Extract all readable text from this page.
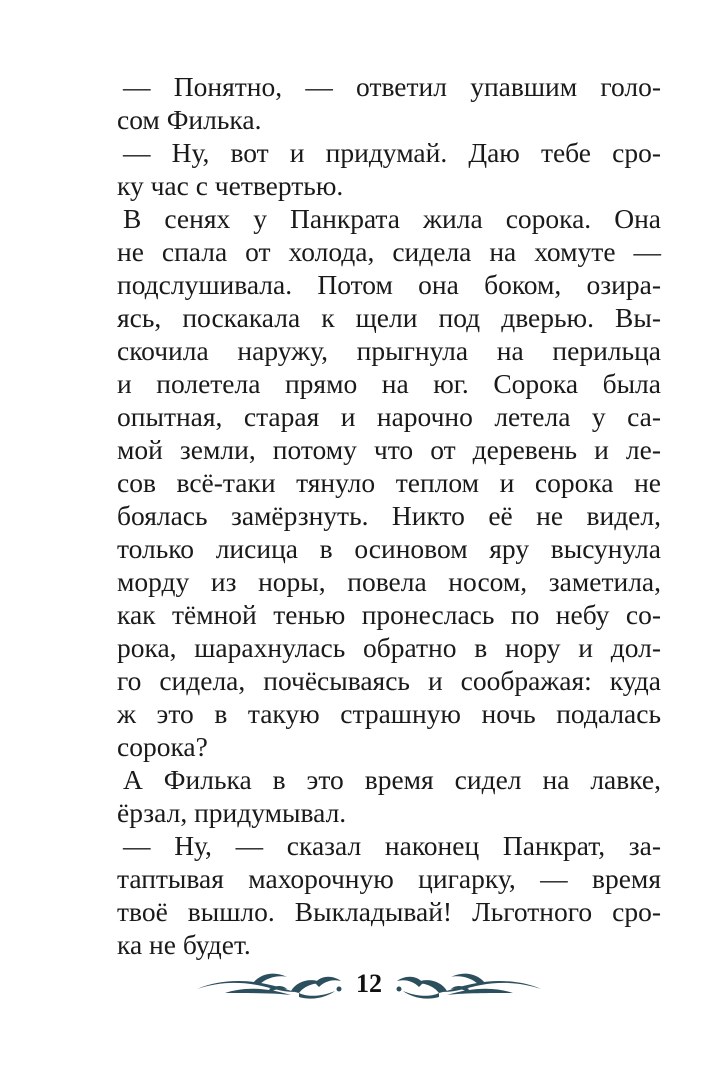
— Понятно, — ответил упавшим голо-
сом Филька.
— Ну, вот и придумай. Даю тебе сро-
ку час с четвертью.
В сенях у Панкрата жила сорока. Она
не спала от холода, сидела на хомуте —
подслушивала. Потом она боком, озира-
ясь, поскакала к щели под дверью. Вы-
скочила наружу, прыгнула на перильца
и полетела прямо на юг. Сорока была
опытная, старая и нарочно летела у са-
мой земли, потому что от деревень и ле-
сов всё-таки тянуло теплом и сорока не
боялась замёрзнуть. Никто её не видел,
только лисица в осиновом яру высунула
морду из норы, повела носом, заметила,
как тёмной тенью пронеслась по небу со-
рока, шарахнулась обратно в нору и дол-
го сидела, почёсываясь и соображая: куда
ж это в такую страшную ночь подалась
сорока?
А Филька в это время сидел на лавке,
ёрзал, придумывал.
— Ну, — сказал наконец Панкрат, за-
таптывая махорочную цигарку, — время
твоё вышло. Выкладывай! Льготного сро-
ка не будет.
12
